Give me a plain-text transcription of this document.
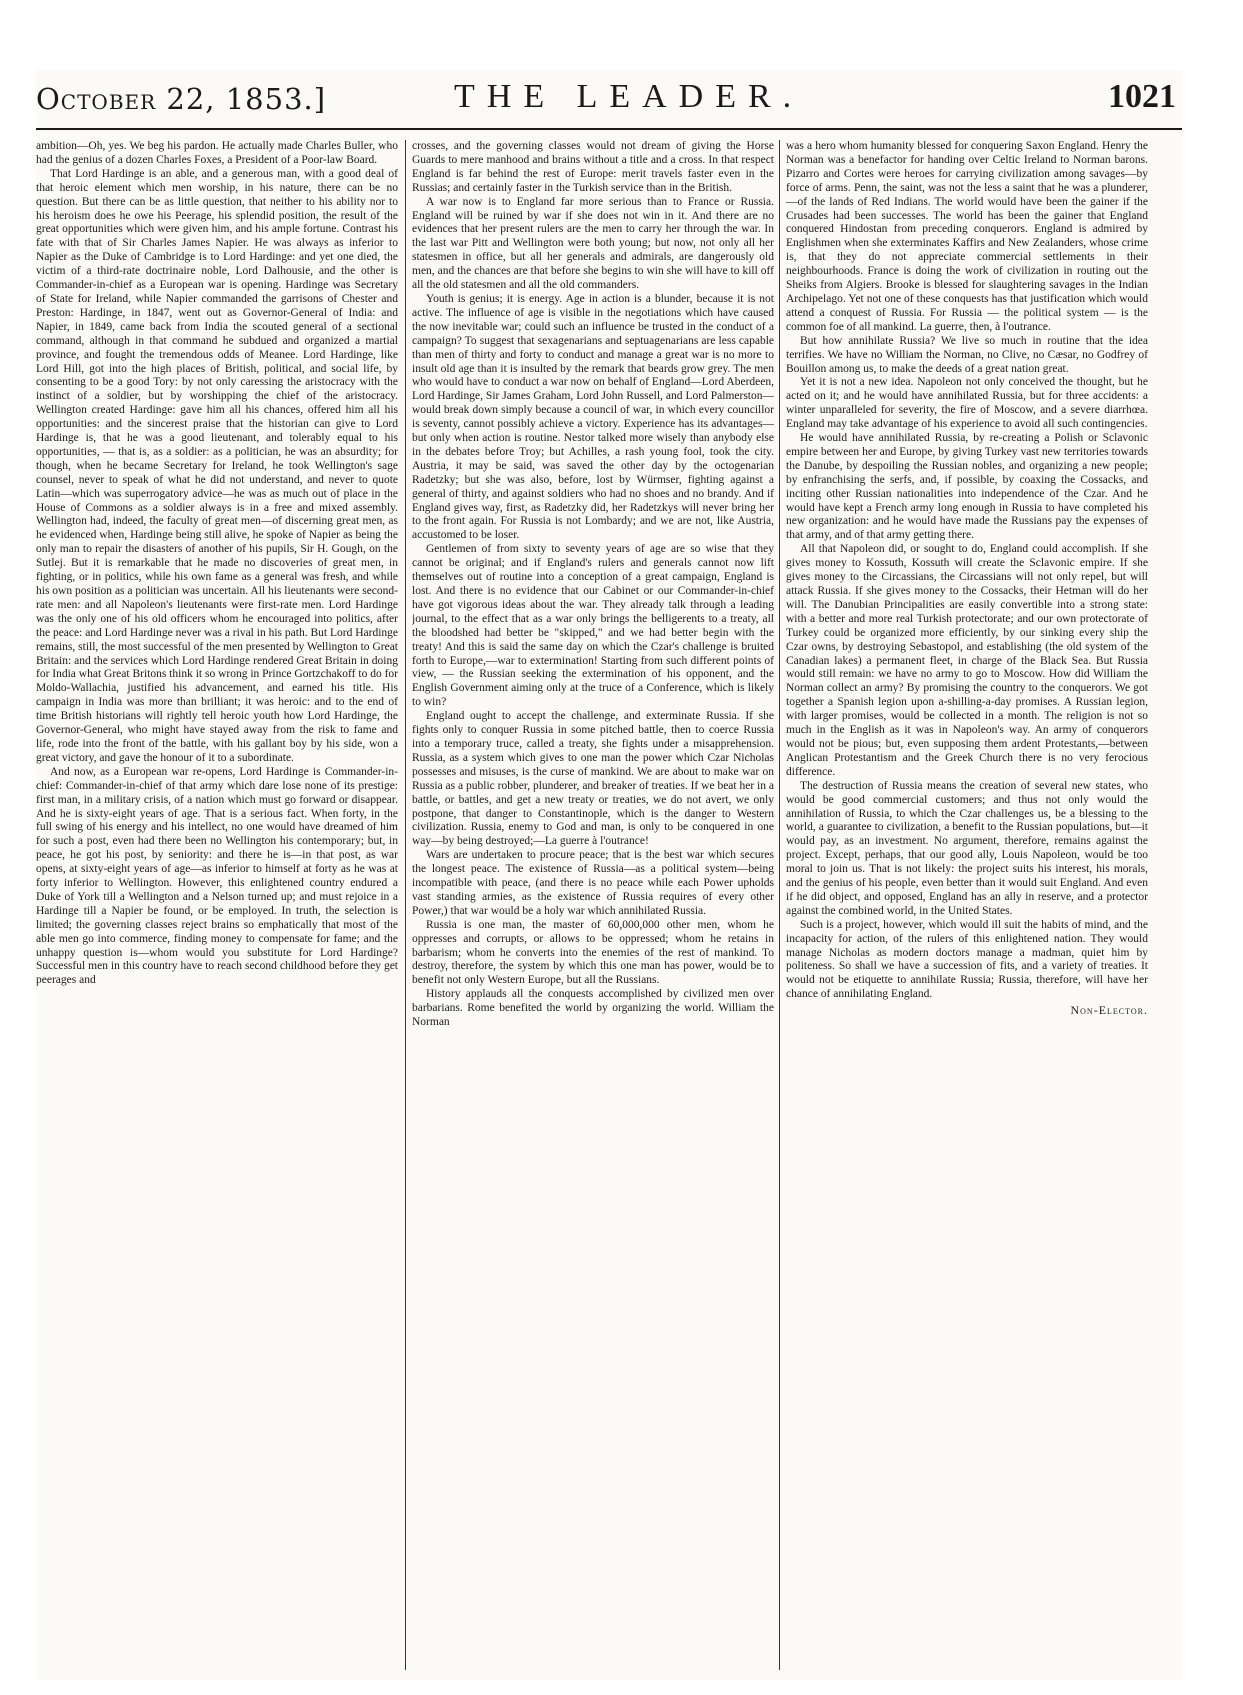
October 22, 1853.]	THE LEADER.	1021

ambition—Oh, yes. We beg his pardon. He actually made Charles Buller, who had the genius of a dozen Charles Foxes, a President of a Poor-law Board.

That Lord Hardinge is an able, and a generous man, with a good deal of that heroic element which men worship, in his nature, there can be no question. But there can be as little question, that neither to his ability nor to his heroism does he owe his Peerage, his splendid position, the result of the great opportunities which were given him, and his ample fortune. Contrast his fate with that of Sir Charles James Napier. He was always as inferior to Napier as the Duke of Cambridge is to Lord Hardinge: and yet one died, the victim of a third-rate doctrinaire noble, Lord Dalhousie, and the other is Commander-in-chief as a European war is opening. Hardinge was Secretary of State for Ireland, while Napier commanded the garrisons of Chester and Preston: Hardinge, in 1847, went out as Governor-General of India: and Napier, in 1849, came back from India the scouted general of a sectional command, although in that command he subdued and organized a martial province, and fought the tremendous odds of Meanee. Lord Hardinge, like Lord Hill, got into the high places of British, political, and social life, by consenting to be a good Tory: by not only caressing the aristocracy with the instinct of a soldier, but by worshipping the chief of the aristocracy. Wellington created Hardinge: gave him all his chances, offered him all his opportunities: and the sincerest praise that the historian can give to Lord Hardinge is, that he was a good lieutenant, and tolerably equal to his opportunities, — that is, as a soldier: as a politician, he was an absurdity; for though, when he became Secretary for Ireland, he took Wellington's sage counsel, never to speak of what he did not understand, and never to quote Latin—which was superrogatory advice—he was as much out of place in the House of Commons as a soldier always is in a free and mixed assembly. Wellington had, indeed, the faculty of great men—of discerning great men, as he evidenced when, Hardinge being still alive, he spoke of Napier as being the only man to repair the disasters of another of his pupils, Sir H. Gough, on the Sutlej. But it is remarkable that he made no discoveries of great men, in fighting, or in politics, while his own fame as a general was fresh, and while his own position as a politician was uncertain. All his lieutenants were second-rate men: and all Napoleon's lieutenants were first-rate men. Lord Hardinge was the only one of his old officers whom he encouraged into politics, after the peace: and Lord Hardinge never was a rival in his path. But Lord Hardinge remains, still, the most successful of the men presented by Wellington to Great Britain: and the services which Lord Hardinge rendered Great Britain in doing for India what Great Britons think it so wrong in Prince Gortzchakoff to do for Moldo-Wallachia, justified his advancement, and earned his title. His campaign in India was more than brilliant; it was heroic: and to the end of time British historians will rightly tell heroic youth how Lord Hardinge, the Governor-General, who might have stayed away from the risk to fame and life, rode into the front of the battle, with his gallant boy by his side, won a great victory, and gave the honour of it to a subordinate.

And now, as a European war re-opens, Lord Hardinge is Commander-in-chief: Commander-in-chief of that army which dare lose none of its prestige: first man, in a military crisis, of a nation which must go forward or disappear. And he is sixty-eight years of age. That is a serious fact. When forty, in the full swing of his energy and his intellect, no one would have dreamed of him for such a post, even had there been no Wellington his contemporary; but, in peace, he got his post, by seniority: and there he is—in that post, as war opens, at sixty-eight years of age—as inferior to himself at forty as he was at forty inferior to Wellington. However, this enlightened country endured a Duke of York till a Wellington and a Nelson turned up; and must rejoice in a Hardinge till a Napier be found, or be employed. In truth, the selection is limited; the governing classes reject brains so emphatically that most of the able men go into commerce, finding money to compensate for fame; and the unhappy question is—whom would you substitute for Lord Hardinge? Successful men in this country have to reach second childhood before they get peerages and

crosses, and the governing classes would not dream of giving the Horse Guards to mere manhood and brains without a title and a cross. In that respect England is far behind the rest of Europe: merit travels faster even in the Russias; and certainly faster in the Turkish service than in the British.

A war now is to England far more serious than to France or Russia. England will be ruined by war if she does not win in it. And there are no evidences that her present rulers are the men to carry her through the war. In the last war Pitt and Wellington were both young; but now, not only all her statesmen in office, but all her generals and admirals, are dangerously old men, and the chances are that before she begins to win she will have to kill off all the old statesmen and all the old commanders.

Youth is genius; it is energy. Age in action is a blunder, because it is not active. The influence of age is visible in the negotiations which have caused the now inevitable war; could such an influence be trusted in the conduct of a campaign? To suggest that sexagenarians and septuagenarians are less capable than men of thirty and forty to conduct and manage a great war is no more to insult old age than it is insulted by the remark that beards grow grey. The men who would have to conduct a war now on behalf of England—Lord Aberdeen, Lord Hardinge, Sir James Graham, Lord John Russell, and Lord Palmerston—would break down simply because a council of war, in which every councillor is seventy, cannot possibly achieve a victory. Experience has its advantages—but only when action is routine. Nestor talked more wisely than anybody else in the debates before Troy; but Achilles, a rash young fool, took the city. Austria, it may be said, was saved the other day by the octogenarian Radetzky; but she was also, before, lost by Würmser, fighting against a general of thirty, and against soldiers who had no shoes and no brandy. And if England gives way, first, as Radetzky did, her Radetzkys will never bring her to the front again. For Russia is not Lombardy; and we are not, like Austria, accustomed to be loser.

Gentlemen of from sixty to seventy years of age are so wise that they cannot be original; and if England's rulers and generals cannot now lift themselves out of routine into a conception of a great campaign, England is lost. And there is no evidence that our Cabinet or our Commander-in-chief have got vigorous ideas about the war. They already talk through a leading journal, to the effect that as a war only brings the belligerents to a treaty, all the bloodshed had better be "skipped," and we had better begin with the treaty! And this is said the same day on which the Czar's challenge is bruited forth to Europe,—war to extermination! Starting from such different points of view, — the Russian seeking the extermination of his opponent, and the English Government aiming only at the truce of a Conference, which is likely to win?

England ought to accept the challenge, and exterminate Russia. If she fights only to conquer Russia in some pitched battle, then to coerce Russia into a temporary truce, called a treaty, she fights under a misapprehension. Russia, as a system which gives to one man the power which Czar Nicholas possesses and misuses, is the curse of mankind. We are about to make war on Russia as a public robber, plunderer, and breaker of treaties. If we beat her in a battle, or battles, and get a new treaty or treaties, we do not avert, we only postpone, that danger to Constantinople, which is the danger to Western civilization. Russia, enemy to God and man, is only to be conquered in one way—by being destroyed;—La guerre à l'outrance!

Wars are undertaken to procure peace; that is the best war which secures the longest peace. The existence of Russia—as a political system—being incompatible with peace, (and there is no peace while each Power upholds vast standing armies, as the existence of Russia requires of every other Power,) that war would be a holy war which annihilated Russia.

Russia is one man, the master of 60,000,000 other men, whom he oppresses and corrupts, or allows to be oppressed; whom he retains in barbarism; whom he converts into the enemies of the rest of mankind. To destroy, therefore, the system by which this one man has power, would be to benefit not only Western Europe, but all the Russians.

History applauds all the conquests accomplished by civilized men over barbarians. Rome benefited the world by organizing the world. William the Norman

was a hero whom humanity blessed for conquering Saxon England. Henry the Norman was a benefactor for handing over Celtic Ireland to Norman barons. Pizarro and Cortes were heroes for carrying civilization among savages—by force of arms. Penn, the saint, was not the less a saint that he was a plunderer,—of the lands of Red Indians. The world would have been the gainer if the Crusades had been successes. The world has been the gainer that England conquered Hindostan from preceding conquerors. England is admired by Englishmen when she exterminates Kaffirs and New Zealanders, whose crime is, that they do not appreciate commercial settlements in their neighbourhoods. France is doing the work of civilization in routing out the Sheiks from Algiers. Brooke is blessed for slaughtering savages in the Indian Archipelago. Yet not one of these conquests has that justification which would attend a conquest of Russia. For Russia — the political system — is the common foe of all mankind. La guerre, then, à l'outrance.

But how annihilate Russia? We live so much in routine that the idea terrifies. We have no William the Norman, no Clive, no Cæsar, no Godfrey of Bouillon among us, to make the deeds of a great nation great.

Yet it is not a new idea. Napoleon not only conceived the thought, but he acted on it; and he would have annihilated Russia, but for three accidents: a winter unparalleled for severity, the fire of Moscow, and a severe diarrhœa. England may take advantage of his experience to avoid all such contingencies.

He would have annihilated Russia, by re-creating a Polish or Sclavonic empire between her and Europe, by giving Turkey vast new territories towards the Danube, by despoiling the Russian nobles, and organizing a new people; by enfranchising the serfs, and, if possible, by coaxing the Cossacks, and inciting other Russian nationalities into independence of the Czar. And he would have kept a French army long enough in Russia to have completed his new organization: and he would have made the Russians pay the expenses of that army, and of that army getting there.

All that Napoleon did, or sought to do, England could accomplish. If she gives money to Kossuth, Kossuth will create the Sclavonic empire. If she gives money to the Circassians, the Circassians will not only repel, but will attack Russia. If she gives money to the Cossacks, their Hetman will do her will. The Danubian Principalities are easily convertible into a strong state: with a better and more real Turkish protectorate; and our own protectorate of Turkey could be organized more efficiently, by our sinking every ship the Czar owns, by destroying Sebastopol, and establishing (the old system of the Canadian lakes) a permanent fleet, in charge of the Black Sea. But Russia would still remain: we have no army to go to Moscow. How did William the Norman collect an army? By promising the country to the conquerors. We got together a Spanish legion upon a-shilling-a-day promises. A Russian legion, with larger promises, would be collected in a month. The religion is not so much in the English as it was in Napoleon's way. An army of conquerors would not be pious; but, even supposing them ardent Protestants,—between Anglican Protestantism and the Greek Church there is no very ferocious difference.

The destruction of Russia means the creation of several new states, who would be good commercial customers; and thus not only would the annihilation of Russia, to which the Czar challenges us, be a blessing to the world, a guarantee to civilization, a benefit to the Russian populations, but—it would pay, as an investment. No argument, therefore, remains against the project. Except, perhaps, that our good ally, Louis Napoleon, would be too moral to join us. That is not likely: the project suits his interest, his morals, and the genius of his people, even better than it would suit England. And even if he did object, and opposed, England has an ally in reserve, and a protector against the combined world, in the United States.

Such is a project, however, which would ill suit the habits of mind, and the incapacity for action, of the rulers of this enlightened nation. They would manage Nicholas as modern doctors manage a madman, quiet him by politeness. So shall we have a succession of fits, and a variety of treaties. It would not be etiquette to annihilate Russia; Russia, therefore, will have her chance of annihilating England.

Non-Elector.
